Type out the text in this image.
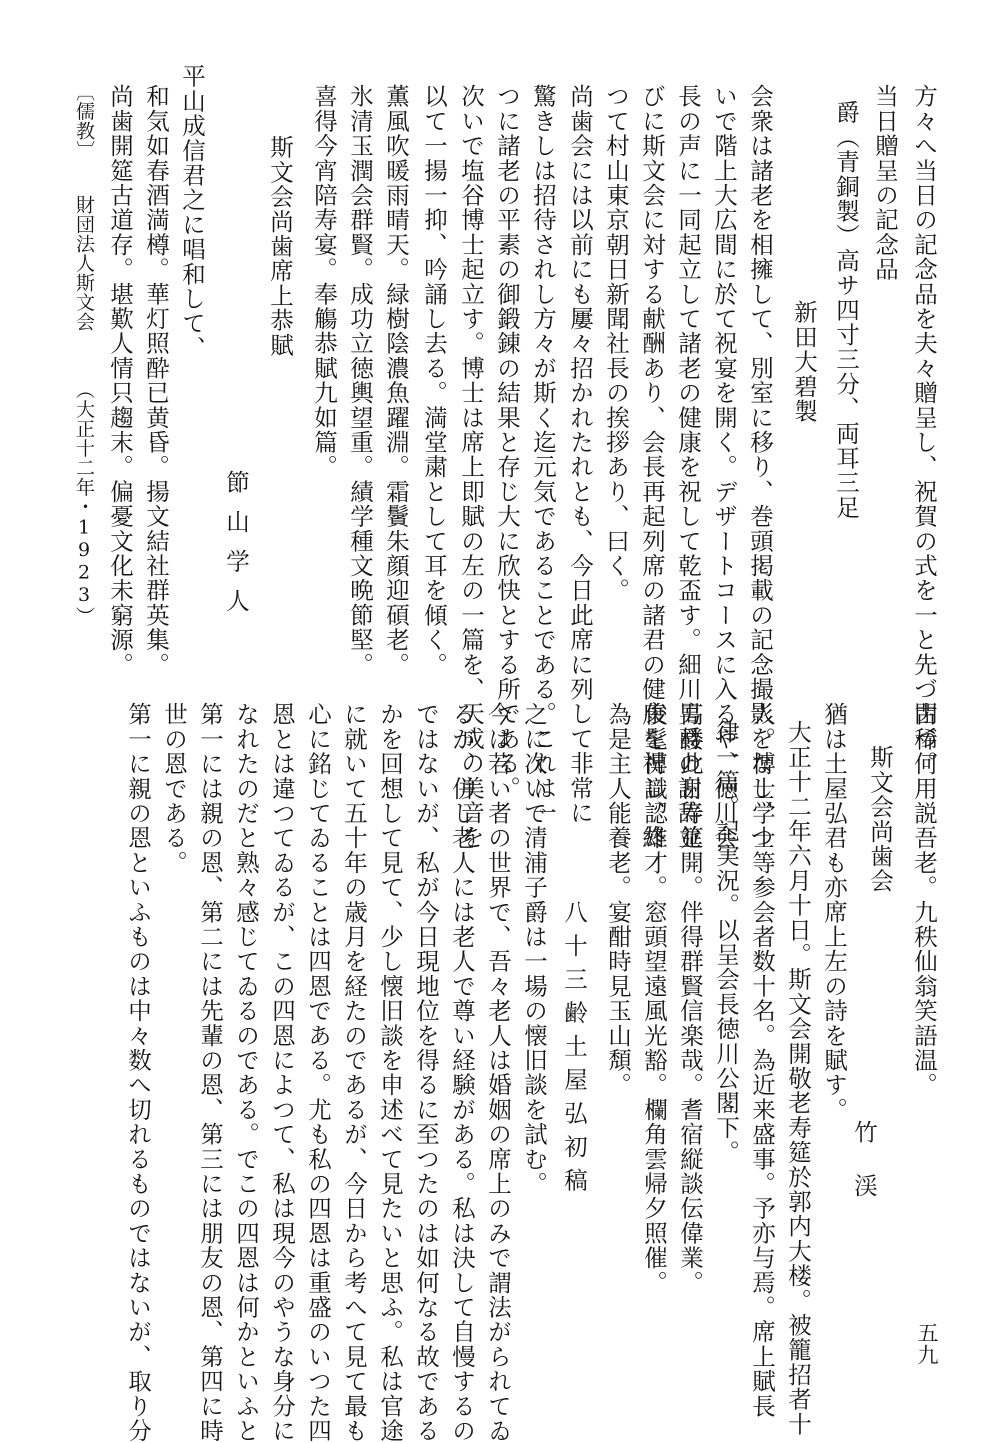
方々へ当日の記念品を夫々贈呈し、祝賀の式を一と先づ閉づ。
当日贈呈の記念品
爵（青銅製）高サ四寸三分、両耳三足
新田大碧製
会衆は諸老を相擁して、別室に移り、巻頭掲載の記念撮影をなし、つ
いで階上大広間に於て祝宴を開く。デザートコースに入るや、徳川会
長の声に一同起立して諸老の健康を祝して乾盃す。細川男爵の謝辞並
びに斯文会に対する献酬あり、会長再起列席の諸君の健康を祝し、終
つて村山東京朝日新聞社長の挨拶あり、曰く。
尚歯会には以前にも屢々招かれたれとも、今日此席に列して非常に
驚きしは招待されし方々が斯く迄元気であることである。これは一
つに諸老の平素の御鍛錬の結果と存じ大に欣快とする所である。
次いで塩谷博士起立す。博士は席上即賦の左の一篇を、天成の美音を
以て一揚一抑、吟誦し去る。満堂粛として耳を傾く。
薫風吹暖雨晴天。緑樹陰濃魚躍淵。霜鬢朱顔迎碩老。
氷清玉潤会群賢。成功立徳輿望重。績学種文晩節堅。
喜得今宵陪寿宴。奉觴恭賦九如篇。
斯文会尚歯席上恭賦
節山学人
平山成信君之に唱和して、
和気如春酒満樽。華灯照酔已黄昏。揚文結社群英集。
尚歯開筵古道存。堪歎人情只趨末。偏憂文化未窮源。
古稀何用説吾老。九秩仙翁笑語温。
斯文会尚歯会
竹渓
猶は土屋弘君も亦席上左の詩を賦す。
大正十二年六月十日。斯文会開敬老寿筵於郭内大楼。被籠招者十
人。博士学士等参会者数十名。為近来盛事。予亦与焉。席上賦長
律一篇。記実況。以呈会長徳川公閣下。
高楼此日寿筵開。伴得群賢信楽哉。耆宿縦談伝偉業。
俊髦博識認雄才。窓頭望遠風光豁。欄角雲帰夕照催。
為是主人能養老。宴酣時見玉山頽。
八十三齢土屋弘初稿
之に次いで清浦子爵は一場の懐旧談を試む。
今は若い者の世界で、吾々老人は婚姻の席上のみで謂法がられてゐ
るが、併し老人には老人で尊い経験がある。私は決して自慢するの
ではないが、私が今日現地位を得るに至つたのは如何なる故である
かを回想して見て、少し懐旧談を申述べて見たいと思ふ。私は官途
に就いて五十年の歳月を経たのであるが、今日から考へて見て最も
心に銘じてゐることは四恩である。尤も私の四恩は重盛のいつた四
恩とは違つてゐるが、この四恩によつて、私は現今のやうな身分に
なれたのだと熟々感じてゐるのである。でこの四恩は何かといふと
第一には親の恩、第二には先輩の恩、第三には朋友の恩、第四に時
世の恩である。
第一に親の恩といふものは中々数へ切れるものではないが、取り分
〔儒教〕
財団法人斯文会
（大正十二年・1923）
五九
